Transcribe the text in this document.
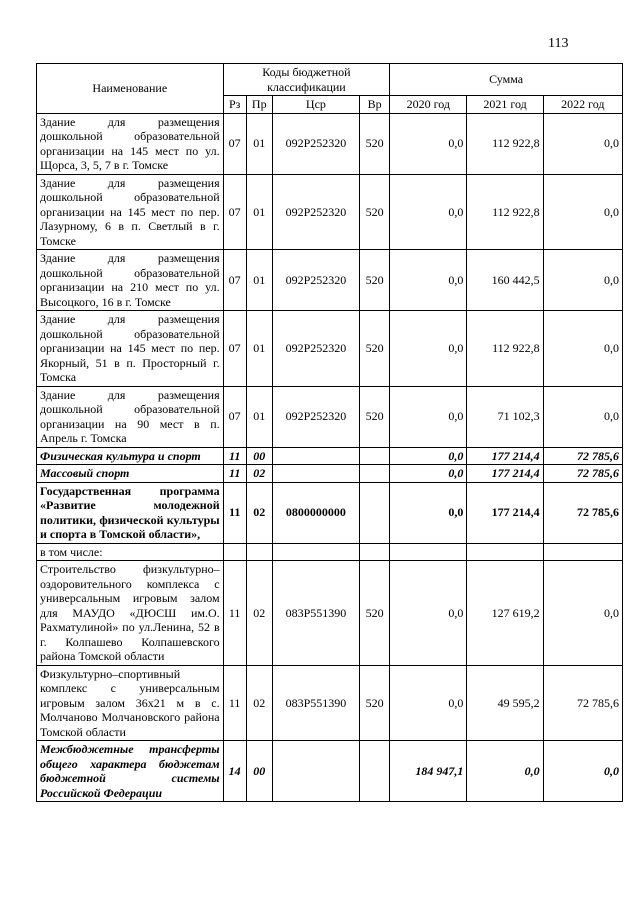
113
Наименование	Коды бюджетной классификации				Сумма		
	Рз	Пр	Цср	Вр	2020 год	2021 год	2022 год
Здание для размещения дошкольной образовательной организации на 145 мест по ул. Щорса, 3, 5, 7 в г. Томске	07	01	092P252320	520	0,0	112 922,8	0,0
Здание для размещения дошкольной образовательной организации на 145 мест по пер. Лазурному, 6 в п. Светлый в г. Томске	07	01	092P252320	520	0,0	112 922,8	0,0
Здание для размещения дошкольной образовательной организации на 210 мест по ул. Высоцкого, 16 в г. Томске	07	01	092P252320	520	0,0	160 442,5	0,0
Здание для размещения дошкольной образовательной организации на 145 мест по пер. Якорный, 51 в п. Просторный г. Томска	07	01	092P252320	520	0,0	112 922,8	0,0
Здание для размещения дошкольной образовательной организации на 90 мест в п. Апрель г. Томска	07	01	092P252320	520	0,0	71 102,3	0,0
Физическая культура и спорт	11	00			0,0	177 214,4	72 785,6
Массовый спорт	11	02			0,0	177 214,4	72 785,6
Государственная программа «Развитие молодежной политики, физической культуры и спорта в Томской области»,	11	02	0800000000		0,0	177 214,4	72 785,6
в том числе:							
Строительство физкультурно–оздоровительного комплекса с универсальным игровым залом для МАУДО «ДЮСШ им.О. Рахматулиной» по ул.Ленина, 52 в г. Колпашево Колпашевского района Томской области	11	02	083P551390	520	0,0	127 619,2	0,0
Физкультурно–спортивный комплекс с универсальным игровым залом 36х21 м в с. Молчаново Молчановского района Томской области	11	02	083P551390	520	0,0	49 595,2	72 785,6
Межбюджетные трансферты общего характера бюджетам бюджетной системы Российской Федерации	14	00			184 947,1	0,0	0,0
